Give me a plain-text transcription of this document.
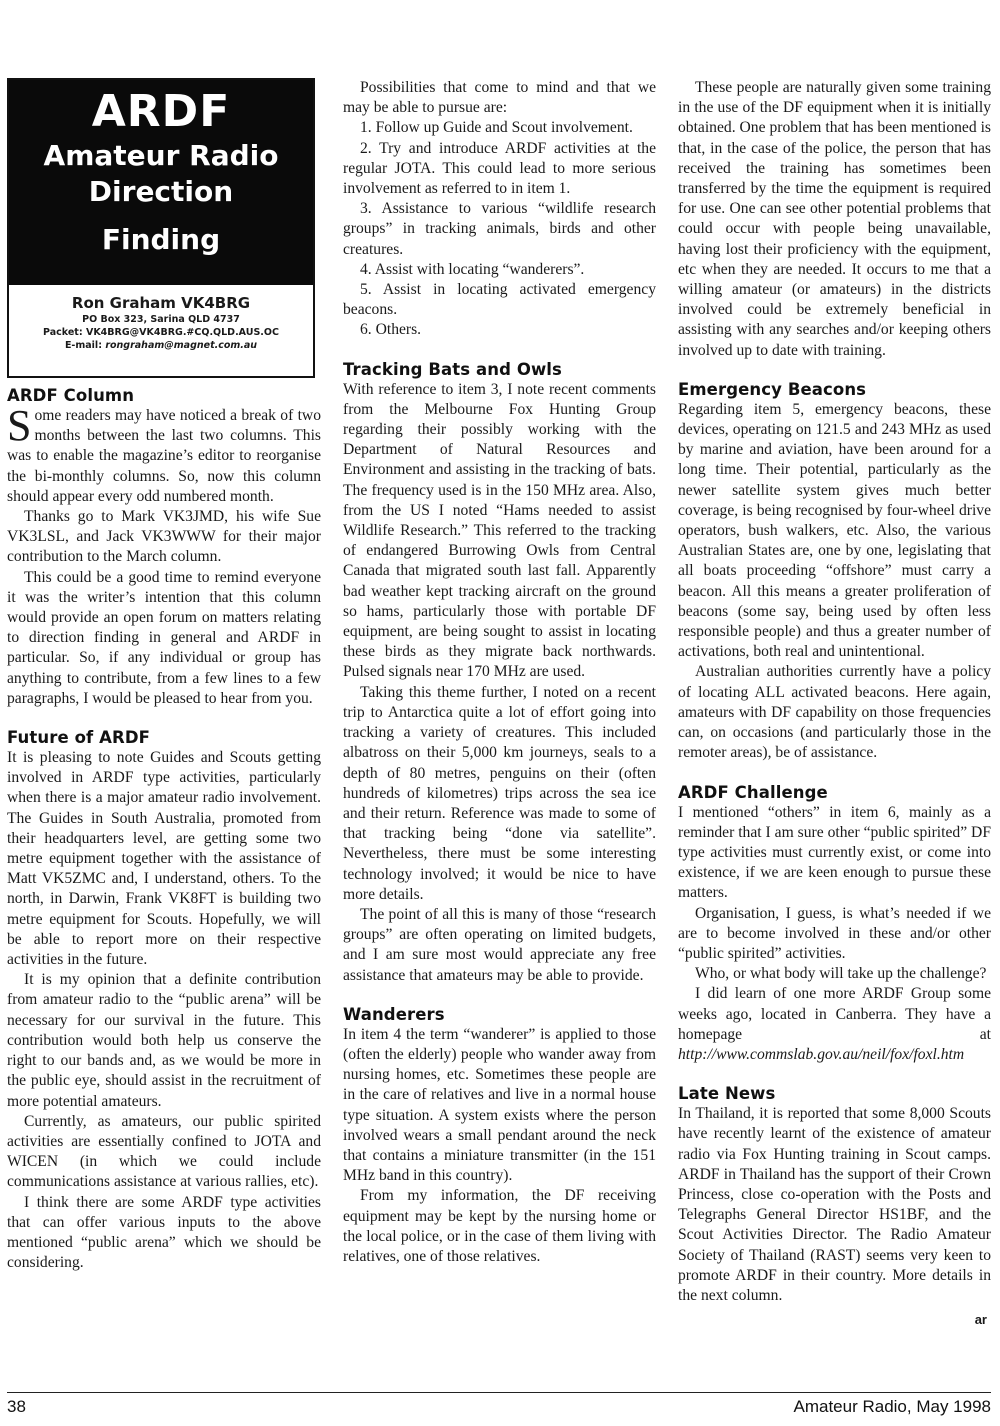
ARDF
Amateur Radio
Direction
Finding
Ron Graham VK4BRG
PO Box 323, Sarina QLD 4737
Packet: VK4BRG@VK4BRG.#CQ.QLD.AUS.OC
E-mail: rongraham@magnet.com.au
ARDF Column

Some readers may have noticed a break of two months between the last two columns. This was to enable the magazine’s editor to reorganise the bi-monthly columns. So, now this column should appear every odd numbered month.

Thanks go to Mark VK3JMD, his wife Sue VK3LSL, and Jack VK3WWW for their major contribution to the March column.

This could be a good time to remind everyone it was the writer’s intention that this column would provide an open forum on matters relating to direction finding in general and ARDF in particular. So, if any individual or group has anything to contribute, from a few lines to a few paragraphs, I would be pleased to hear from you.

Future of ARDF

It is pleasing to note Guides and Scouts getting involved in ARDF type activities, particularly when there is a major amateur radio involvement. The Guides in South Australia, promoted from their headquarters level, are getting some two metre equipment together with the assistance of Matt VK5ZMC and, I understand, others. To the north, in Darwin, Frank VK8FT is building two metre equipment for Scouts. Hopefully, we will be able to report more on their respective activities in the future.

It is my opinion that a definite contribution from amateur radio to the “public arena” will be necessary for our survival in the future. This contribution would both help us conserve the right to our bands and, as we would be more in the public eye, should assist in the recruitment of more potential amateurs.

Currently, as amateurs, our public spirited activities are essentially confined to JOTA and WICEN (in which we could include communications assistance at various rallies, etc).

I think there are some ARDF type activities that can offer various inputs to the above mentioned “public arena” which we should be considering.

Possibilities that come to mind and that we may be able to pursue are:

1. Follow up Guide and Scout involvement.

2. Try and introduce ARDF activities at the regular JOTA. This could lead to more serious involvement as referred to in item 1.

3. Assistance to various “wildlife research groups” in tracking animals, birds and other creatures.

4. Assist with locating “wanderers”.

5. Assist in locating activated emergency beacons.

6. Others.

Tracking Bats and Owls

With reference to item 3, I note recent comments from the Melbourne Fox Hunting Group regarding their possibly working with the Department of Natural Resources and Environment and assisting in the tracking of bats. The frequency used is in the 150 MHz area. Also, from the US I noted “Hams needed to assist Wildlife Research.” This referred to the tracking of endangered Burrowing Owls from Central Canada that migrated south last fall. Apparently bad weather kept tracking aircraft on the ground so hams, particularly those with portable DF equipment, are being sought to assist in locating these birds as they migrate back northwards. Pulsed signals near 170 MHz are used.

Taking this theme further, I noted on a recent trip to Antarctica quite a lot of effort going into tracking a variety of creatures. This included albatross on their 5,000 km journeys, seals to a depth of 80 metres, penguins on their (often hundreds of kilometres) trips across the sea ice and their return. Reference was made to some of that tracking being “done via satellite”. Nevertheless, there must be some interesting technology involved; it would be nice to have more details.

The point of all this is many of those “research groups” are often operating on limited budgets, and I am sure most would appreciate any free assistance that amateurs may be able to provide.

Wanderers

In item 4 the term “wanderer” is applied to those (often the elderly) people who wander away from nursing homes, etc. Sometimes these people are in the care of relatives and live in a normal house type situation. A system exists where the person involved wears a small pendant around the neck that contains a miniature transmitter (in the 151 MHz band in this country).

From my information, the DF receiving equipment may be kept by the nursing home or the local police, or in the case of them living with relatives, one of those relatives.

These people are naturally given some training in the use of the DF equipment when it is initially obtained. One problem that has been mentioned is that, in the case of the police, the person that has received the training has sometimes been transferred by the time the equipment is required for use. One can see other potential problems that could occur with people being unavailable, having lost their proficiency with the equipment, etc when they are needed. It occurs to me that a willing amateur (or amateurs) in the districts involved could be extremely beneficial in assisting with any searches and/or keeping others involved up to date with training.

Emergency Beacons

Regarding item 5, emergency beacons, these devices, operating on 121.5 and 243 MHz as used by marine and aviation, have been around for a long time. Their potential, particularly as the newer satellite system gives much better coverage, is being recognised by four-wheel drive operators, bush walkers, etc. Also, the various Australian States are, one by one, legislating that all boats proceeding “offshore” must carry a beacon. All this means a greater proliferation of beacons (some say, being used by often less responsible people) and thus a greater number of activations, both real and unintentional.

Australian authorities currently have a policy of locating ALL activated beacons. Here again, amateurs with DF capability on those frequencies can, on occasions (and particularly those in the remoter areas), be of assistance.

ARDF Challenge

I mentioned “others” in item 6, mainly as a reminder that I am sure other “public spirited” DF type activities must currently exist, or come into existence, if we are keen enough to pursue these matters.

Organisation, I guess, is what’s needed if we are to become involved in these and/or other “public spirited” activities.

Who, or what body will take up the challenge?

I did learn of one more ARDF Group some weeks ago, located in Canberra. They have a homepage at http://www.commslab.gov.au/neil/fox/foxl.htm

Late News

In Thailand, it is reported that some 8,000 Scouts have recently learnt of the existence of amateur radio via Fox Hunting training in Scout camps. ARDF in Thailand has the support of their Crown Princess, close co-operation with the Posts and Telegraphs General Director HS1BF, and the Scout Activities Director. The Radio Amateur Society of Thailand (RAST) seems very keen to promote ARDF in their country. More details in the next column.

ar
38	Amateur Radio, May 1998
